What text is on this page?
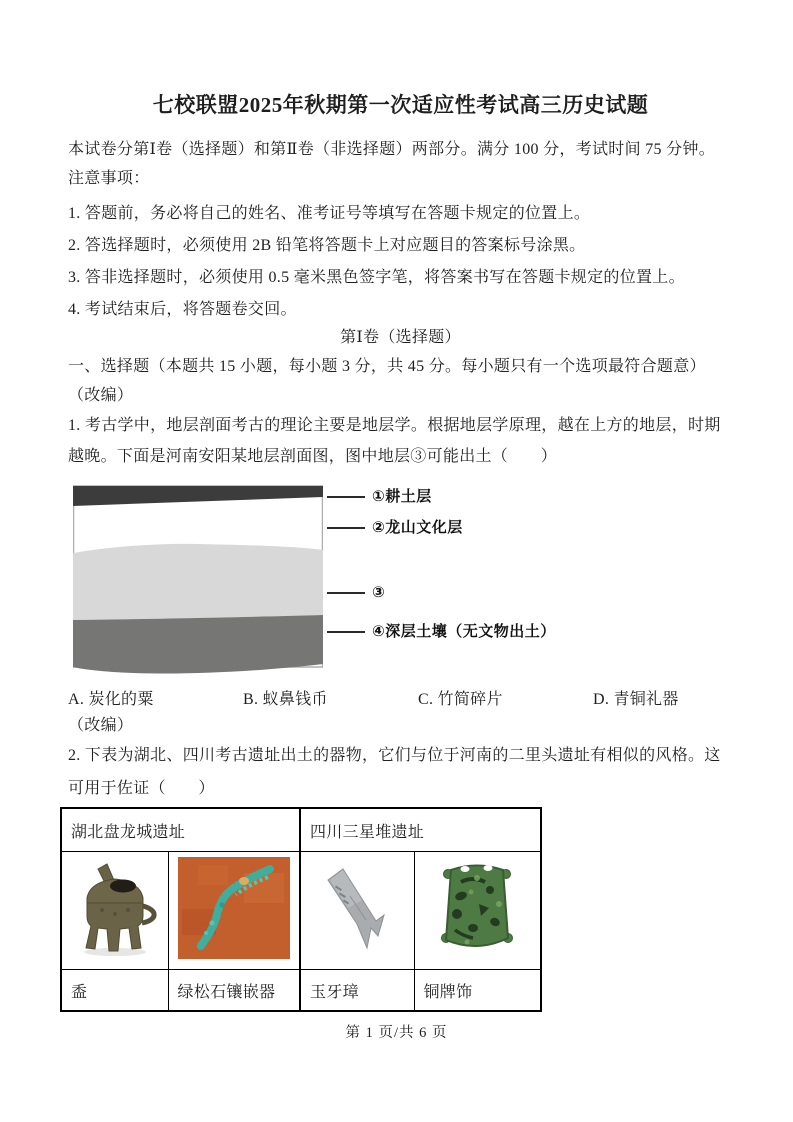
七校联盟2025年秋期第一次适应性考试高三历史试题

本试卷分第Ⅰ卷（选择题）和第Ⅱ卷（非选择题）两部分。满分 100 分，考试时间 75 分钟。

注意事项：

1. 答题前，务必将自己的姓名、准考证号等填写在答题卡规定的位置上。

2. 答选择题时，必须使用 2B 铅笔将答题卡上对应题目的答案标号涂黑。

3. 答非选择题时，必须使用 0.5 毫米黑色签字笔，将答案书写在答题卡规定的位置上。

4. 考试结束后，将答题卷交回。

第Ⅰ卷（选择题）

一、选择题（本题共 15 小题，每小题 3 分，共 45 分。每小题只有一个选项最符合题意）

（改编）

1. 考古学中，地层剖面考古的理论主要是地层学。根据地层学原理，越在上方的地层，时期越晚。下面是河南安阳某地层剖面图，图中地层③可能出土（　　）

①耕土层
②龙山文化层
③
④深层土壤（无文物出土）
A. 炭化的粟	B. 蚁鼻钱币	C. 竹简碎片	D. 青铜礼器

（改编）

2. 下表为湖北、四川考古遗址出土的器物，它们与位于河南的二里头遗址有相似的风格。这可用于佐证（　　）

湖北盘龙城遗址		四川三星堆遗址	

盉	绿松石镶嵌器	玉牙璋	铜牌饰
第 1 页/共 6 页
